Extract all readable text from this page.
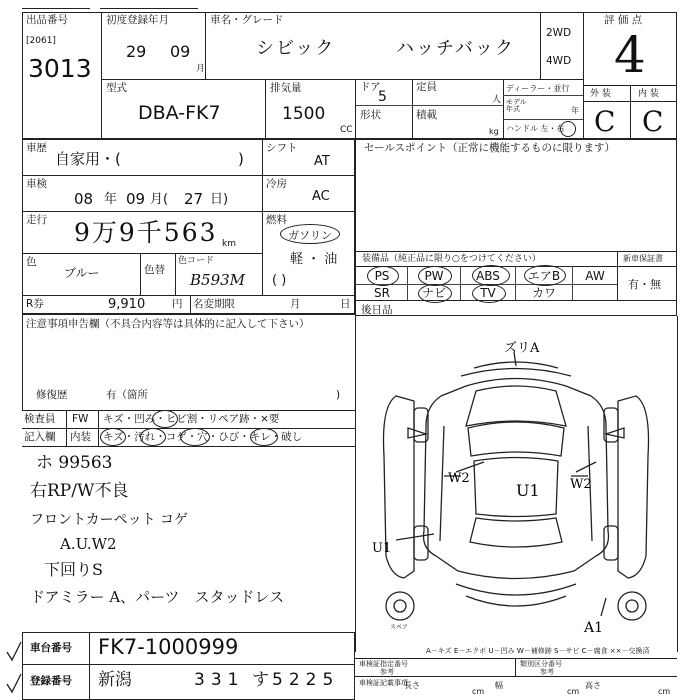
出品番号
[2061]
3013
初度登録年月
29 09
月
車名・グレード
シビック	ハッチバック
2WD
4WD
評 価 点
4
外 装	内 装
C C
型式
DBA-FK7
排気量
1500
CC
ドア
5
形状
定員
人
積載
kg
ディーラー・並行
モデル
年式	年
ハンドル 左・右
車歴
自家用・(	)
車検
08 年 09 月( 27 日)
走行 9万9千563 km
色
ブルー	色替
色コード
B593M
R券	9,910	円 名変期限	月	日
シフト
AT
冷房
AC
燃料
ガソリン
軽 ・ 油
( )
セールスポイント（正常に機能するものに限ります）
装備品（純正品に限り○をつけてください）	新車保証書
有・無
PS	PW	ABS	エアB	AW
SR	ナビ	TV	カワ
後日品
注意事項申告欄（不具合内容等は具体的に記入して下さい）
修復歴	有（箇所	)
検査員
記入欄
FW
内装
キズ・凹み・ヒビ割・リペア跡・×要
キズ・汚れ・コゲ・穴・ひび・キレ・破し
ホ 99563
右RP/W不良
フロントカーペット コゲ
A.U.W2
下回りS
ドアミラー A、パーツ　スタッドレス
ズリA
W2
U1 W2
U1
A1
スペア
A－キズ E－エクボ U－凹み W－補修跡 S－サビ C－腐食 ××－交換済
車検証指定番号	類別区分番号
参考	参考
車検証記載事項
長さ
cm
幅
cm
高さ
cm
車台番号 FK7-1000999
登録番号 新潟	331 す 5225
